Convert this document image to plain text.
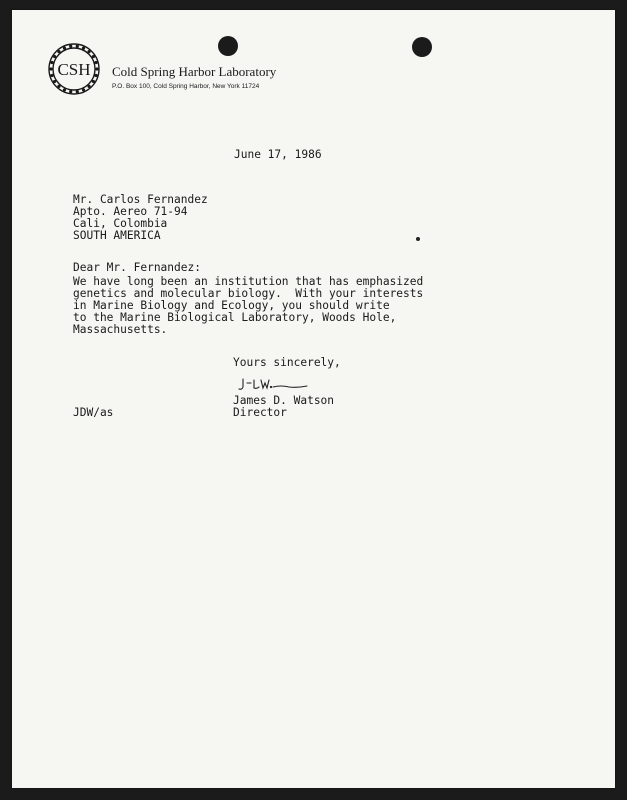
CSH Cold Spring Harbor Laboratory
P.O. Box 100, Cold Spring Harbor, New York 11724
June 17, 1986
Mr. Carlos Fernandez
Apto. Aereo 71-94
Cali, Colombia
SOUTH AMERICA
Dear Mr. Fernandez:
We have long been an institution that has emphasized
genetics and molecular biology.  With your interests
in Marine Biology and Ecology, you should write
to the Marine Biological Laboratory, Woods Hole,
Massachusetts.
Yours sincerely,
James D. Watson
JDW/as	Director
